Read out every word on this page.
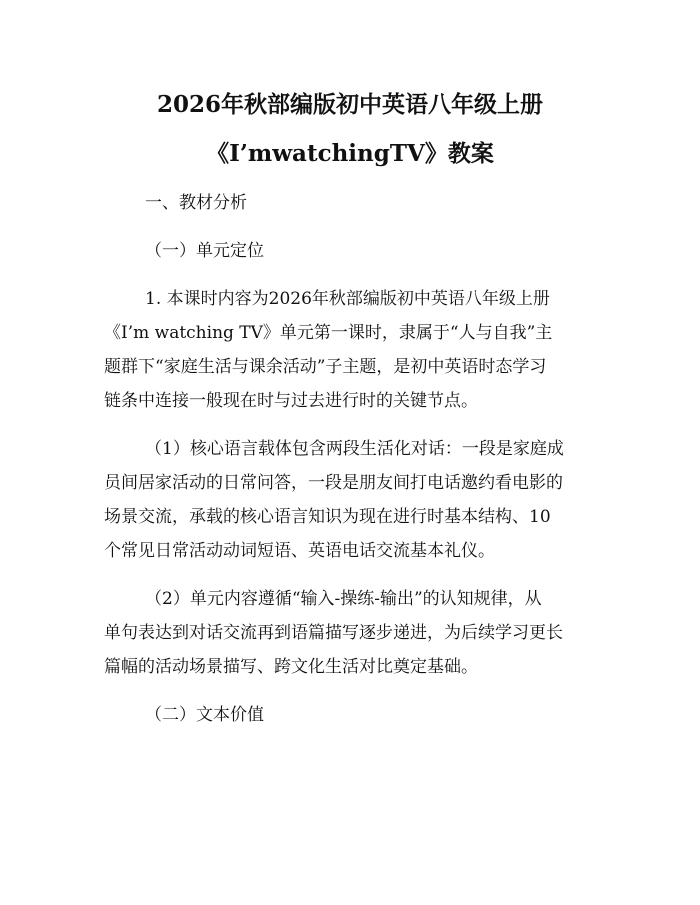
2026年秋部编版初中英语八年级上册
《I’mwatchingTV》教案
一、教材分析
（一）单元定位
1. 本课时内容为2026年秋部编版初中英语八年级上册
《I’m watching TV》单元第一课时，隶属于“人与自我”主
题群下“家庭生活与课余活动”子主题，是初中英语时态学习
链条中连接一般现在时与过去进行时的关键节点。
（1）核心语言载体包含两段生活化对话：一段是家庭成
员间居家活动的日常问答，一段是朋友间打电话邀约看电影的
场景交流，承载的核心语言知识为现在进行时基本结构、10
个常见日常活动动词短语、英语电话交流基本礼仪。
（2）单元内容遵循“输入-操练-输出”的认知规律，从
单句表达到对话交流再到语篇描写逐步递进，为后续学习更长
篇幅的活动场景描写、跨文化生活对比奠定基础。
（二）文本价值
